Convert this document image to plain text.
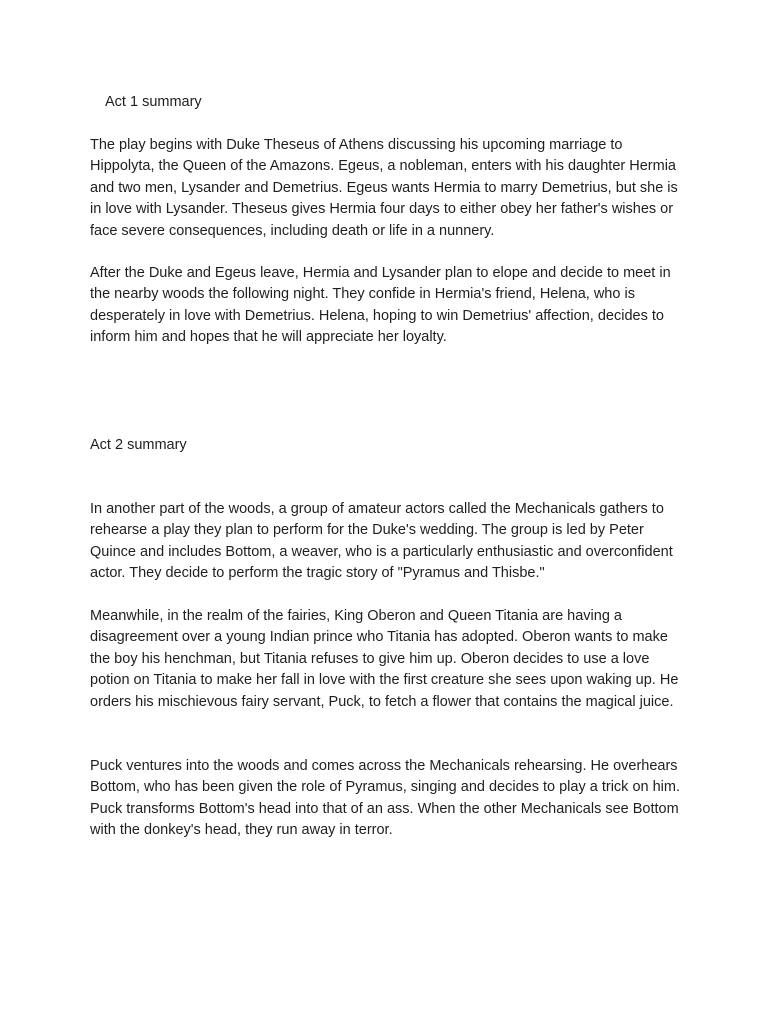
Act 1 summary

The play begins with Duke Theseus of Athens discussing his upcoming marriage to Hippolyta, the Queen of the Amazons. Egeus, a nobleman, enters with his daughter Hermia and two men, Lysander and Demetrius. Egeus wants Hermia to marry Demetrius, but she is in love with Lysander. Theseus gives Hermia four days to either obey her father's wishes or face severe consequences, including death or life in a nunnery.

After the Duke and Egeus leave, Hermia and Lysander plan to elope and decide to meet in the nearby woods the following night. They confide in Hermia's friend, Helena, who is desperately in love with Demetrius. Helena, hoping to win Demetrius' affection, decides to inform him and hopes that he will appreciate her loyalty.

Act 2 summary

In another part of the woods, a group of amateur actors called the Mechanicals gathers to rehearse a play they plan to perform for the Duke's wedding. The group is led by Peter Quince and includes Bottom, a weaver, who is a particularly enthusiastic and overconfident actor. They decide to perform the tragic story of "Pyramus and Thisbe."

Meanwhile, in the realm of the fairies, King Oberon and Queen Titania are having a disagreement over a young Indian prince who Titania has adopted. Oberon wants to make the boy his henchman, but Titania refuses to give him up. Oberon decides to use a love potion on Titania to make her fall in love with the first creature she sees upon waking up. He orders his mischievous fairy servant, Puck, to fetch a flower that contains the magical juice.

Puck ventures into the woods and comes across the Mechanicals rehearsing. He overhears Bottom, who has been given the role of Pyramus, singing and decides to play a trick on him. Puck transforms Bottom's head into that of an ass. When the other Mechanicals see Bottom with the donkey's head, they run away in terror.
